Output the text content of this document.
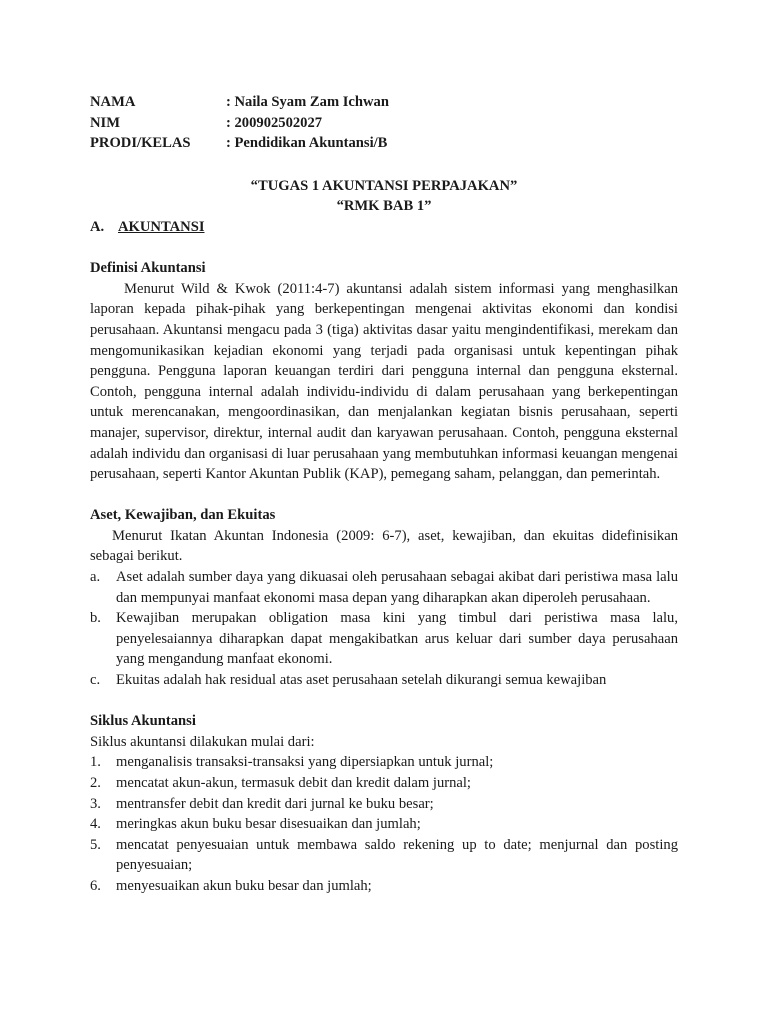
NAMA	: Naila Syam Zam Ichwan
NIM	: 200902502027
PRODI/KELAS	: Pendidikan Akuntansi/B
“TUGAS 1 AKUNTANSI PERPAJAKAN”
“RMK BAB 1”
A. AKUNTANSI
Definisi Akuntansi

Menurut Wild & Kwok (2011:4-7) akuntansi adalah sistem informasi yang menghasilkan laporan kepada pihak-pihak yang berkepentingan mengenai aktivitas ekonomi dan kondisi perusahaan. Akuntansi mengacu pada 3 (tiga) aktivitas dasar yaitu mengindentifikasi, merekam dan mengomunikasikan kejadian ekonomi yang terjadi pada organisasi untuk kepentingan pihak pengguna. Pengguna laporan keuangan terdiri dari pengguna internal dan pengguna eksternal. Contoh, pengguna internal adalah individu-individu di dalam perusahaan yang berkepentingan untuk merencanakan, mengoordinasikan, dan menjalankan kegiatan bisnis perusahaan, seperti manajer, supervisor, direktur, internal audit dan karyawan perusahaan. Contoh, pengguna eksternal adalah individu dan organisasi di luar perusahaan yang membutuhkan informasi keuangan mengenai perusahaan, seperti Kantor Akuntan Publik (KAP), pemegang saham, pelanggan, dan pemerintah.

Aset, Kewajiban, dan Ekuitas

Menurut Ikatan Akuntan Indonesia (2009: 6-7), aset, kewajiban, dan ekuitas didefinisikan sebagai berikut.

a.	Aset adalah sumber daya yang dikuasai oleh perusahaan sebagai akibat dari peristiwa masa lalu dan mempunyai manfaat ekonomi masa depan yang diharapkan akan diperoleh perusahaan.
b.	Kewajiban merupakan obligation masa kini yang timbul dari peristiwa masa lalu, penyelesaiannya diharapkan dapat mengakibatkan arus keluar dari sumber daya perusahaan yang mengandung manfaat ekonomi.
c.	Ekuitas adalah hak residual atas aset perusahaan setelah dikurangi semua kewajiban
Siklus Akuntansi

Siklus akuntansi dilakukan mulai dari:

1.	menganalisis transaksi-transaksi yang dipersiapkan untuk jurnal;
2.	mencatat akun-akun, termasuk debit dan kredit dalam jurnal;
3.	mentransfer debit dan kredit dari jurnal ke buku besar;
4.	meringkas akun buku besar disesuaikan dan jumlah;
5.	mencatat penyesuaian untuk membawa saldo rekening up to date; menjurnal dan posting penyesuaian;
6.	menyesuaikan akun buku besar dan jumlah;
